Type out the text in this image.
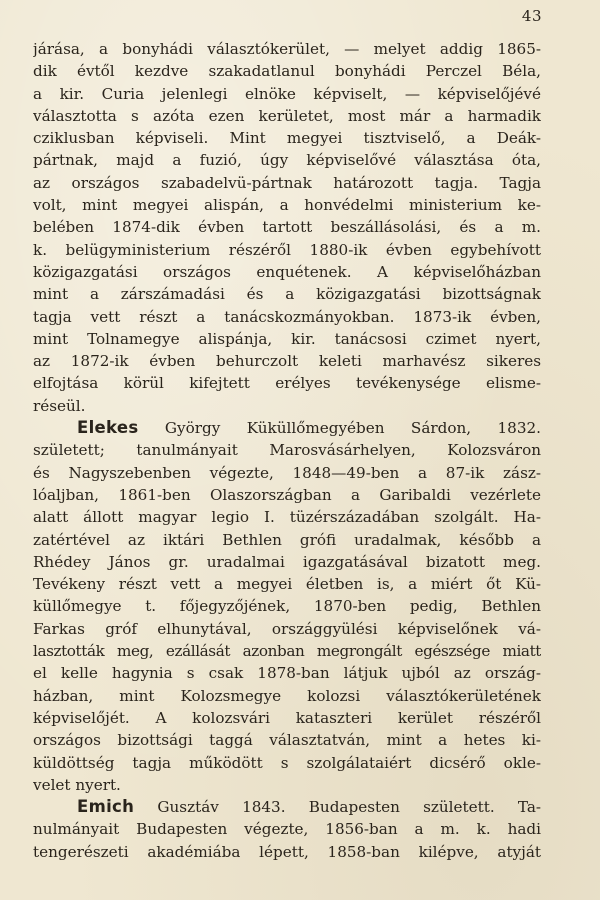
43
járása, a bonyhádi választókerület, — melyet addig 1865-
dik évtől kezdve szakadatlanul bonyhádi Perczel Béla,
a kir. Curia jelenlegi elnöke képviselt, — képviselőjévé
választotta s azóta ezen kerületet, most már a harmadik
cziklusban képviseli. Mint megyei tisztviselő, a Deák-
pártnak, majd a fuzió, úgy képviselővé választása óta,
az országos szabadelvü-pártnak határozott tagja. Tagja
volt, mint megyei alispán, a honvédelmi ministerium ke-
belében 1874-dik évben tartott beszállásolási, és a m.
k. belügyministerium részéről 1880-ik évben egybehívott
közigazgatási országos enquétenek. A képviselőházban
mint a zárszámadási és a közigazgatási bizottságnak
tagja vett részt a tanácskozmányokban. 1873-ik évben,
mint Tolnamegye alispánja, kir. tanácsosi czimet nyert,
az 1872-ik évben behurczolt keleti marhavész sikeres
elfojtása körül kifejtett erélyes tevékenysége elisme-
réseül.
Elekes György Küküllőmegyében Sárdon, 1832.
született; tanulmányait Marosvásárhelyen, Kolozsváron
és Nagyszebenben végezte, 1848—49-ben a 87-ik zász-
lóaljban, 1861-ben Olaszországban a Garibaldi vezérlete
alatt állott magyar legio I. tüzérszázadában szolgált. Ha-
zatértével az iktári Bethlen grófi uradalmak, később a
Rhédey János gr. uradalmai igazgatásával bizatott meg.
Tevékeny részt vett a megyei életben is, a miért őt Kü-
küllőmegye t. főjegyzőjének, 1870-ben pedig, Bethlen
Farkas gróf elhunytával, országgyülési képviselőnek vá-
lasztották meg, ezállását azonban megrongált egészsége miatt
el kelle hagynia s csak 1878-ban látjuk ujból az ország-
házban, mint Kolozsmegye kolozsi választókerületének
képviselőjét. A kolozsvári kataszteri kerület részéről
országos bizottsági taggá választatván, mint a hetes ki-
küldöttség tagja működött s szolgálataiért dicsérő okle-
velet nyert.
Emich Gusztáv 1843. Budapesten született. Ta-
nulmányait Budapesten végezte, 1856-ban a m. k. hadi
tengerészeti akadémiába lépett, 1858-ban kilépve, atyját
